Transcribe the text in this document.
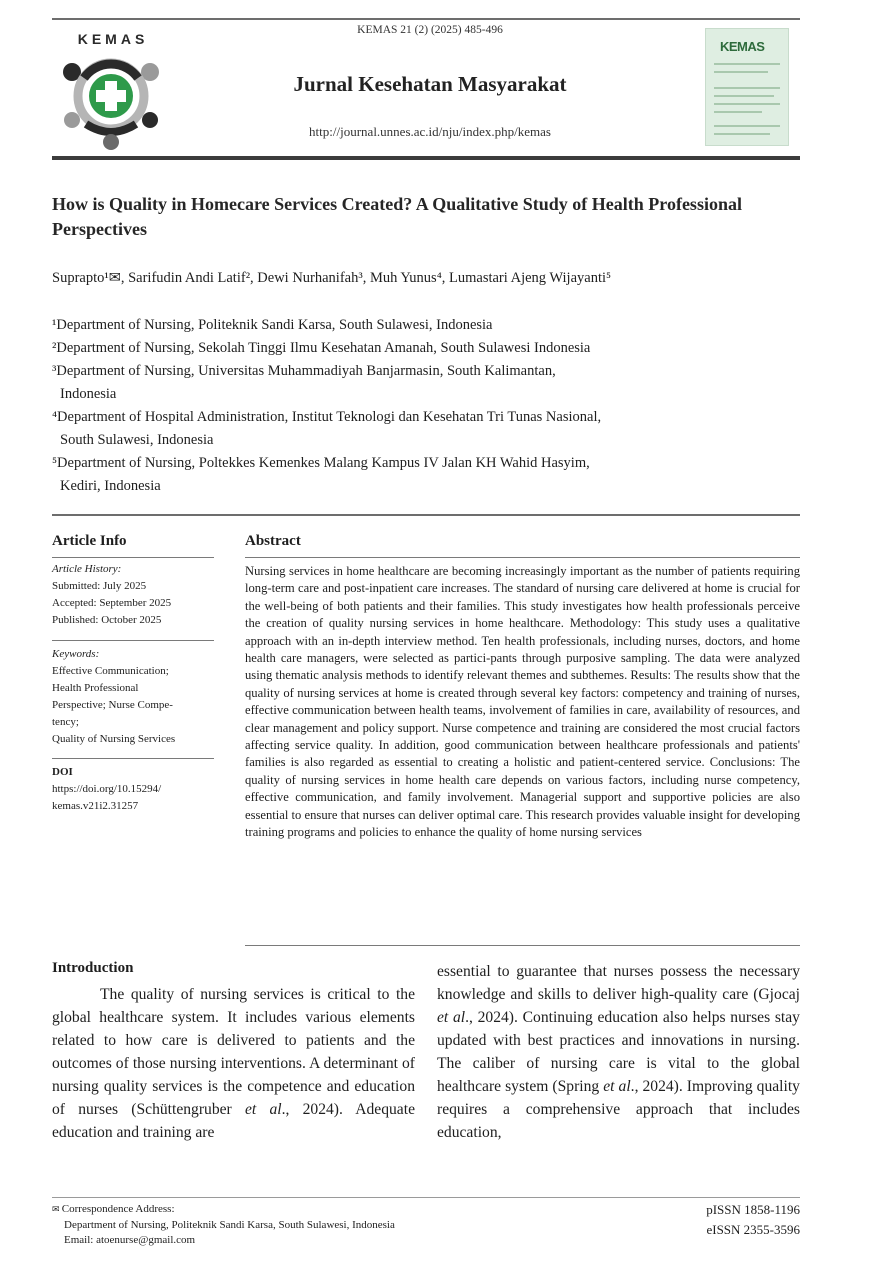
KEMAS
KEMAS 21 (2) (2025) 485-496
Jurnal Kesehatan Masyarakat
http://journal.unnes.ac.id/nju/index.php/kemas
KEMAS
How is Quality in Homecare Services Created? A Qualitative Study of Health Professional Perspectives
Suprapto¹✉, Sarifudin Andi Latif², Dewi Nurhanifah³, Muh Yunus⁴, Lumastari Ajeng Wijayanti⁵
¹Department of Nursing, Politeknik Sandi Karsa, South Sulawesi, Indonesia
²Department of Nursing, Sekolah Tinggi Ilmu Kesehatan Amanah, South Sulawesi Indonesia
³Department of Nursing, Universitas Muhammadiyah Banjarmasin, South Kalimantan,
Indonesia
⁴Department of Hospital Administration, Institut Teknologi dan Kesehatan Tri Tunas Nasional,
South Sulawesi, Indonesia
⁵Department of Nursing, Poltekkes Kemenkes Malang Kampus IV Jalan KH Wahid Hasyim,
Kediri, Indonesia
Article Info
Article History:
Submitted: July 2025
Accepted: September 2025
Published: October 2025
Keywords:
Effective Communication;
Health Professional
Perspective; Nurse Compe-
tency;
Quality of Nursing Services
DOI
https://doi.org/10.15294/
kemas.v21i2.31257
Abstract
Nursing services in home healthcare are becoming increasingly important as the number of patients requiring long-term care and post-inpatient care increases. The standard of nursing care delivered at home is crucial for the well-being of both patients and their families. This study investigates how health professionals perceive the creation of quality nursing services in home healthcare. Methodology: This study uses a qualitative approach with an in-depth interview method. Ten health professionals, including nurses, doctors, and home health care managers, were selected as partici-pants through purposive sampling. The data were analyzed using thematic analysis methods to identify relevant themes and subthemes. Results: The results show that the quality of nursing services at home is created through several key factors: competency and training of nurses, effective communication between health teams, involvement of families in care, availability of resources, and clear management and policy support. Nurse competence and training are considered the most crucial factors affecting service quality. In addition, good communication between healthcare professionals and patients' families is also regarded as essential to creating a holistic and patient-centered service. Conclusions: The quality of nursing services in home health care depends on various factors, including nurse competency, effective communication, and family involvement. Managerial support and supportive policies are also essential to ensure that nurses can deliver optimal care. This research provides valuable insight for developing training programs and policies to enhance the quality of home nursing services
Introduction
The quality of nursing services is critical to the global healthcare system. It includes various elements related to how care is delivered to patients and the outcomes of those nursing interventions. A determinant of nursing quality services is the competence and education of nurses (Schüttengruber et al., 2024). Adequate education and training are
essential to guarantee that nurses possess the necessary knowledge and skills to deliver high-quality care (Gjocaj et al., 2024). Continuing education also helps nurses stay updated with best practices and innovations in nursing. The caliber of nursing care is vital to the global healthcare system (Spring et al., 2024). Improving quality requires a comprehensive approach that includes education,
✉ Correspondence Address:
Department of Nursing, Politeknik Sandi Karsa, South Sulawesi, Indonesia
Email: atoenurse@gmail.com
pISSN 1858-1196
eISSN 2355-3596
